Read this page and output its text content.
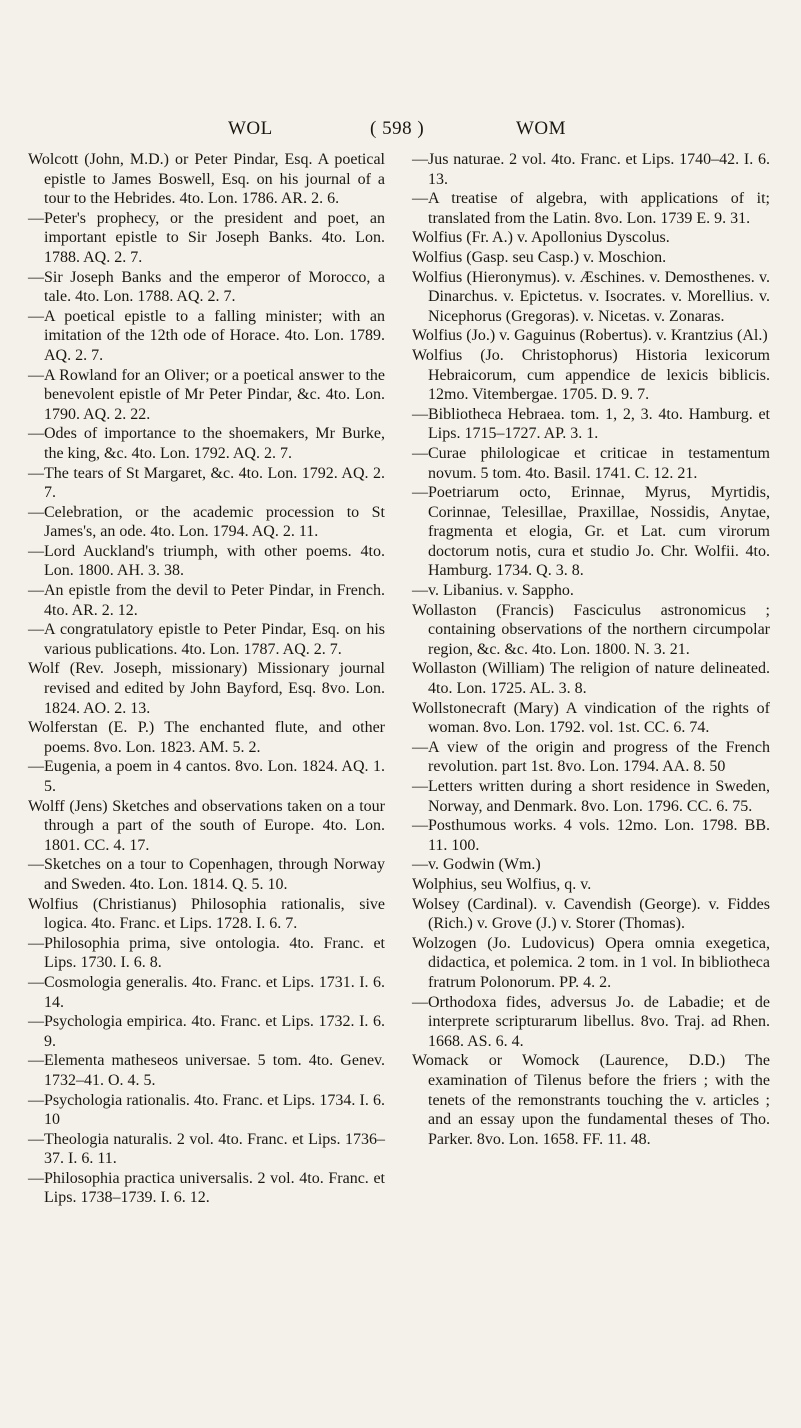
WOL	( 598 )	WOM

Wolcott (John, M.D.) or Peter Pindar, Esq. A poetical epistle to James Boswell, Esq. on his journal of a tour to the Hebrides. 4to. Lon. 1786. AR. 2. 6.

— Peter's prophecy, or the president and poet, an important epistle to Sir Joseph Banks. 4to. Lon. 1788. AQ. 2. 7.

— Sir Joseph Banks and the emperor of Morocco, a tale. 4to. Lon. 1788. AQ. 2. 7.

— A poetical epistle to a falling minister; with an imitation of the 12th ode of Horace. 4to. Lon. 1789. AQ. 2. 7.

— A Rowland for an Oliver; or a poetical answer to the benevolent epistle of Mr Peter Pindar, &c. 4to. Lon. 1790. AQ. 2. 22.

— Odes of importance to the shoemakers, Mr Burke, the king, &c. 4to. Lon. 1792. AQ. 2. 7.

— The tears of St Margaret, &c. 4to. Lon. 1792. AQ. 2. 7.

— Celebration, or the academic procession to St James's, an ode. 4to. Lon. 1794. AQ. 2. 11.

— Lord Auckland's triumph, with other poems. 4to. Lon. 1800. AH. 3. 38.

— An epistle from the devil to Peter Pindar, in French. 4to. AR. 2. 12.

— A congratulatory epistle to Peter Pindar, Esq. on his various publications. 4to. Lon. 1787. AQ. 2. 7.

Wolf (Rev. Joseph, missionary) Missionary journal revised and edited by John Bayford, Esq. 8vo. Lon. 1824. AO. 2. 13.

Wolferstan (E. P.) The enchanted flute, and other poems. 8vo. Lon. 1823. AM. 5. 2.

— Eugenia, a poem in 4 cantos. 8vo. Lon. 1824. AQ. 1. 5.

Wolff (Jens) Sketches and observations taken on a tour through a part of the south of Europe. 4to. Lon. 1801. CC. 4. 17.

— Sketches on a tour to Copenhagen, through Norway and Sweden. 4to. Lon. 1814. Q. 5. 10.

Wolfius (Christianus) Philosophia rationalis, sive logica. 4to. Franc. et Lips. 1728. I. 6. 7.

— Philosophia prima, sive ontologia. 4to. Franc. et Lips. 1730. I. 6. 8.

— Cosmologia generalis. 4to. Franc. et Lips. 1731. I. 6. 14.

— Psychologia empirica. 4to. Franc. et Lips. 1732. I. 6. 9.

— Elementa matheseos universae. 5 tom. 4to. Genev. 1732–41. O. 4. 5.

— Psychologia rationalis. 4to. Franc. et Lips. 1734. I. 6. 10

— Theologia naturalis. 2 vol. 4to. Franc. et Lips. 1736–37. I. 6. 11.

— Philosophia practica universalis. 2 vol. 4to. Franc. et Lips. 1738–1739. I. 6. 12.

— Jus naturae. 2 vol. 4to. Franc. et Lips. 1740–42. I. 6. 13.

— A treatise of algebra, with applications of it; translated from the Latin. 8vo. Lon. 1739 E. 9. 31.

Wolfius (Fr. A.) v. Apollonius Dyscolus.

Wolfius (Gasp. seu Casp.) v. Moschion.

Wolfius (Hieronymus). v. Æschines. v. Demosthenes. v. Dinarchus. v. Epictetus. v. Isocrates. v. Morellius. v. Nicephorus (Gregoras). v. Nicetas. v. Zonaras.

Wolfius (Jo.) v. Gaguinus (Robertus). v. Krantzius (Al.)

Wolfius (Jo. Christophorus) Historia lexicorum Hebraicorum, cum appendice de lexicis biblicis. 12mo. Vitembergae. 1705. D. 9. 7.

— Bibliotheca Hebraea. tom. 1, 2, 3. 4to. Hamburg. et Lips. 1715–1727. AP. 3. 1.

— Curae philologicae et criticae in testamentum novum. 5 tom. 4to. Basil. 1741. C. 12. 21.

— Poetriarum octo, Erinnae, Myrus, Myrtidis, Corinnae, Telesillae, Praxillae, Nossidis, Anytae, fragmenta et elogia, Gr. et Lat. cum virorum doctorum notis, cura et studio Jo. Chr. Wolfii. 4to. Hamburg. 1734. Q. 3. 8.

— v. Libanius. v. Sappho.

Wollaston (Francis) Fasciculus astronomicus ; containing observations of the northern circumpolar region, &c. &c. 4to. Lon. 1800. N. 3. 21.

Wollaston (William) The religion of nature delineated. 4to. Lon. 1725. AL. 3. 8.

Wollstonecraft (Mary) A vindication of the rights of woman. 8vo. Lon. 1792. vol. 1st. CC. 6. 74.

— A view of the origin and progress of the French revolution. part 1st. 8vo. Lon. 1794. AA. 8. 50

— Letters written during a short residence in Sweden, Norway, and Denmark. 8vo. Lon. 1796. CC. 6. 75.

— Posthumous works. 4 vols. 12mo. Lon. 1798. BB. 11. 100.

— v. Godwin (Wm.)

Wolphius, seu Wolfius, q. v.

Wolsey (Cardinal). v. Cavendish (George). v. Fiddes (Rich.) v. Grove (J.) v. Storer (Thomas).

Wolzogen (Jo. Ludovicus) Opera omnia exegetica, didactica, et polemica. 2 tom. in 1 vol. In bibliotheca fratrum Polonorum. PP. 4. 2.

— Orthodoxa fides, adversus Jo. de Labadie; et de interprete scripturarum libellus. 8vo. Traj. ad Rhen. 1668. AS. 6. 4.

Womack or Womock (Laurence, D.D.) The examination of Tilenus before the friers ; with the tenets of the remonstrants touching the v. articles ; and an essay upon the fundamental theses of Tho. Parker. 8vo. Lon. 1658. FF. 11. 48.
